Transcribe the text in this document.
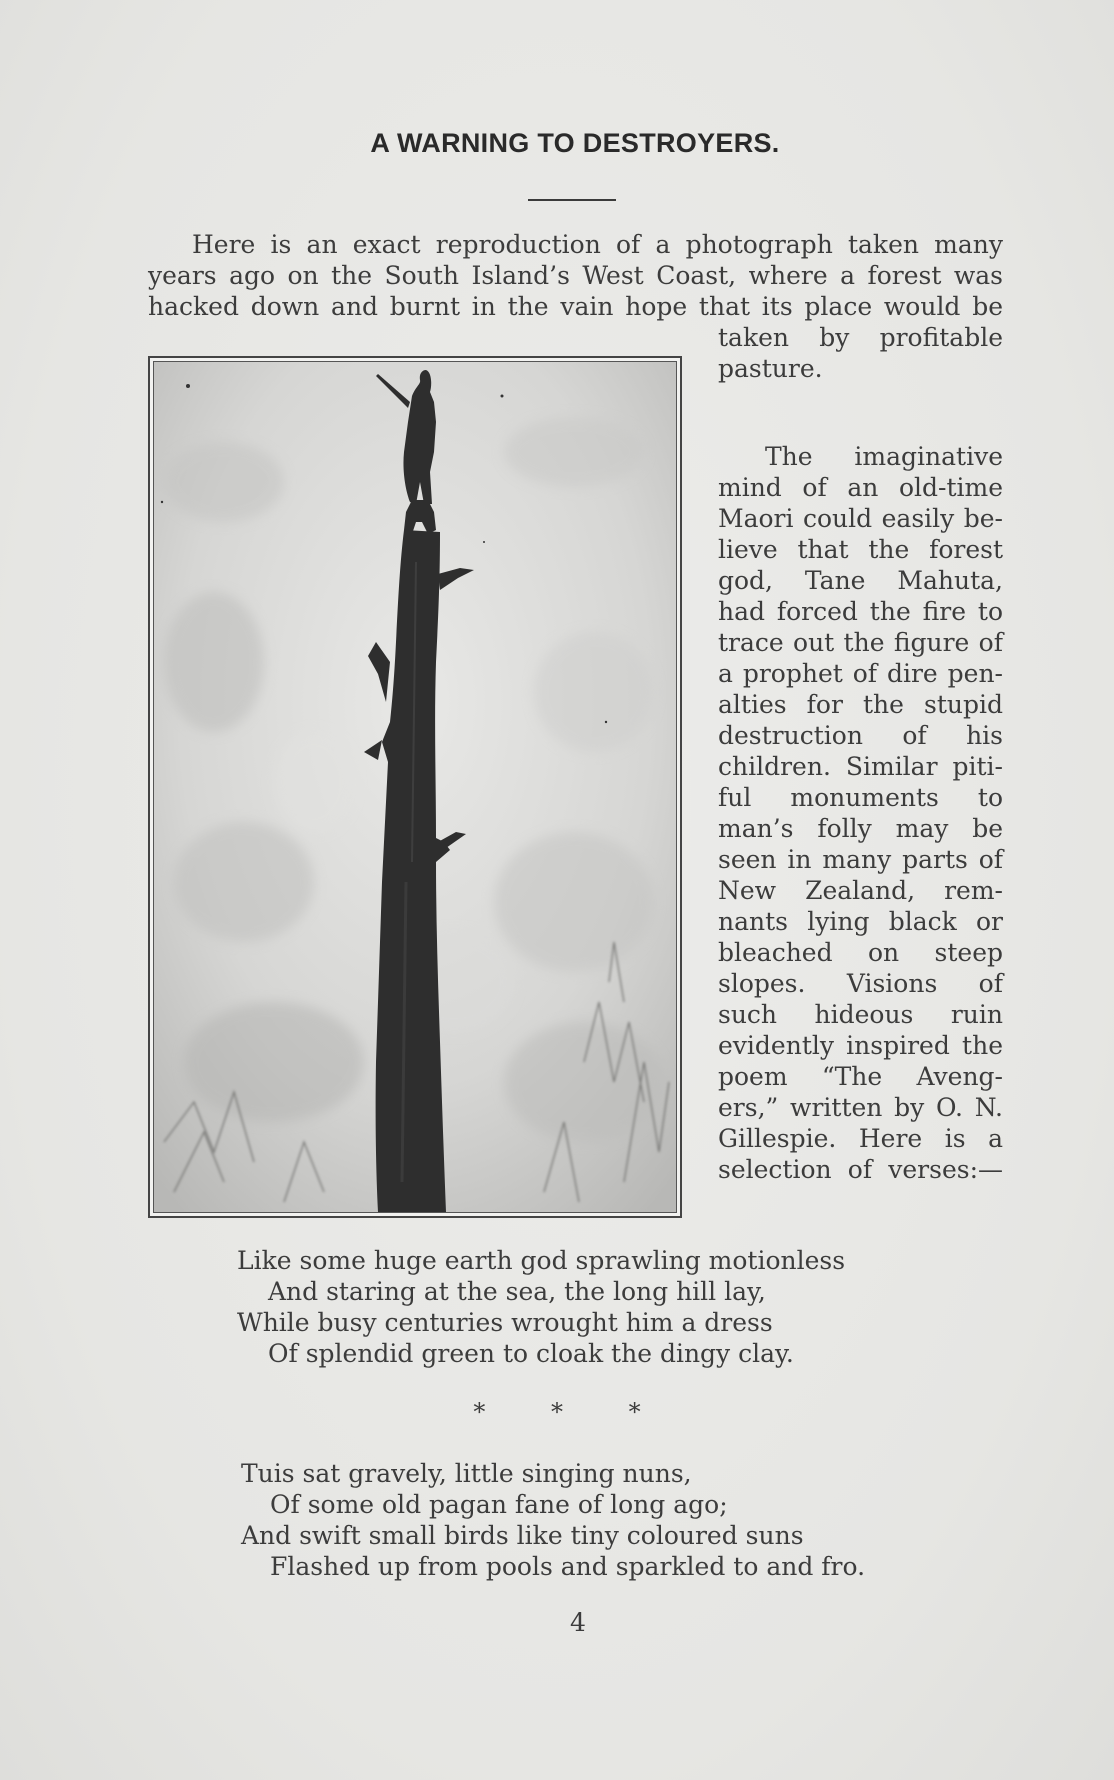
A WARNING TO DESTROYERS.
Here is an exact reproduction of a photograph taken many
years ago on the South Island’s West Coast, where a forest was
hacked down and burnt in the vain hope that its place would be
taken by profitable
pasture.
The imaginative
mind of an old-time
Maori could easily be-
lieve that the forest
god, Tane Mahuta,
had forced the fire to
trace out the figure of
a prophet of dire pen-
alties for the stupid
destruction of his
children. Similar piti-
ful monuments to
man’s folly may be
seen in many parts of
New Zealand, rem-
nants lying black or
bleached on steep
slopes. Visions of
such hideous ruin
evidently inspired the
poem “The Aveng-
ers,” written by O. N.
Gillespie. Here is a
selection of verses:—
Like some huge earth god sprawling motionless
And staring at the sea, the long hill lay,
While busy centuries wrought him a dress
Of splendid green to cloak the dingy clay.
* * *
Tuis sat gravely, little singing nuns,
Of some old pagan fane of long ago;
And swift small birds like tiny coloured suns
Flashed up from pools and sparkled to and fro.
4
